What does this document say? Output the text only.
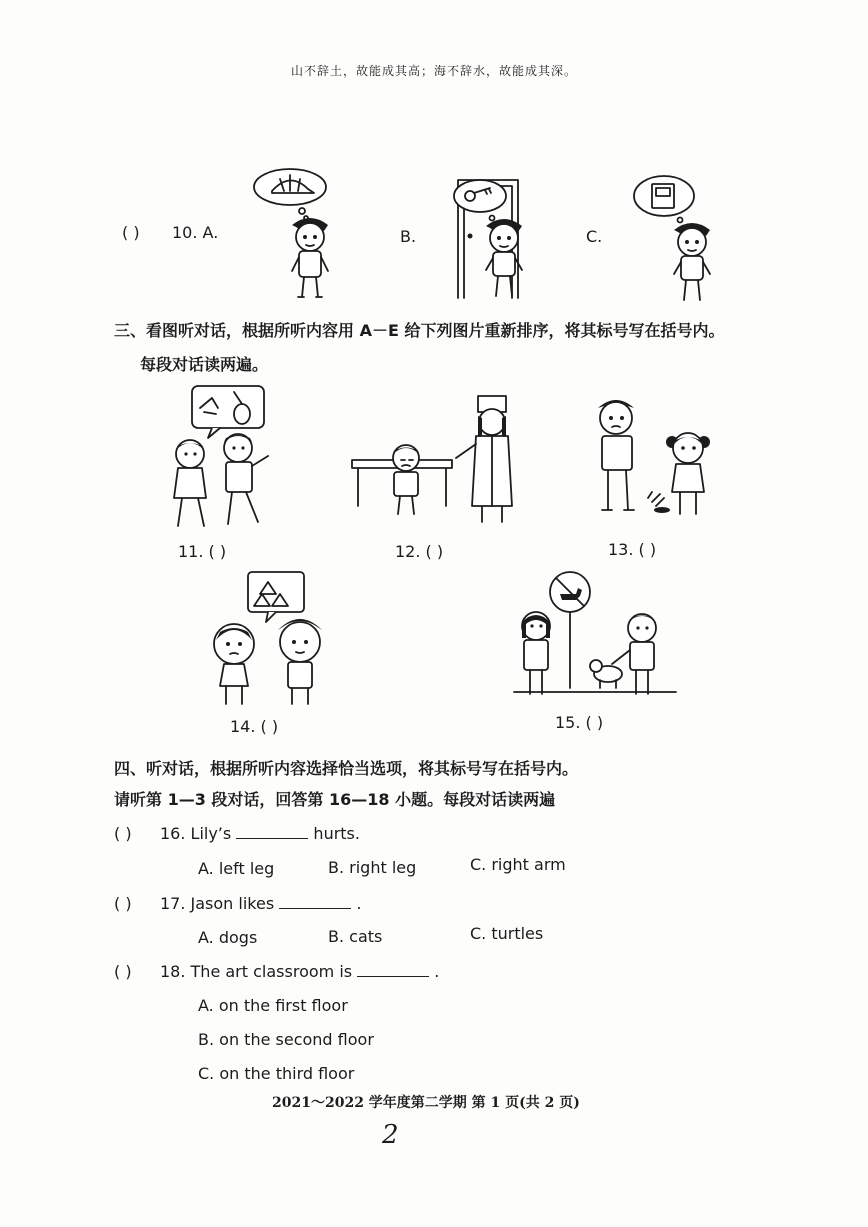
山不辞土，故能成其高；海不辞水，故能成其深。
( ) 10. A.	B.	C.
三、看图听对话，根据所听内容用 A－E 给下列图片重新排序，将其标号写在括号内。
每段对话读两遍。
11. ( )	12. ( )	13. ( )
14. ( )	15. ( )
四、听对话，根据所听内容选择恰当选项，将其标号写在括号内。
请听第 1—3 段对话，回答第 16—18 小题。每段对话读两遍
( ) 16. Lily’s	hurts.
A. left leg	B. right leg	C. right arm
( ) 17. Jason likes	.
A. dogs	B. cats	C. turtles
( ) 18. The art classroom is	.
A. on the first floor
B. on the second floor
C. on the third floor
2021～2022 学年度第二学期 第 1 页(共 2 页)
2
